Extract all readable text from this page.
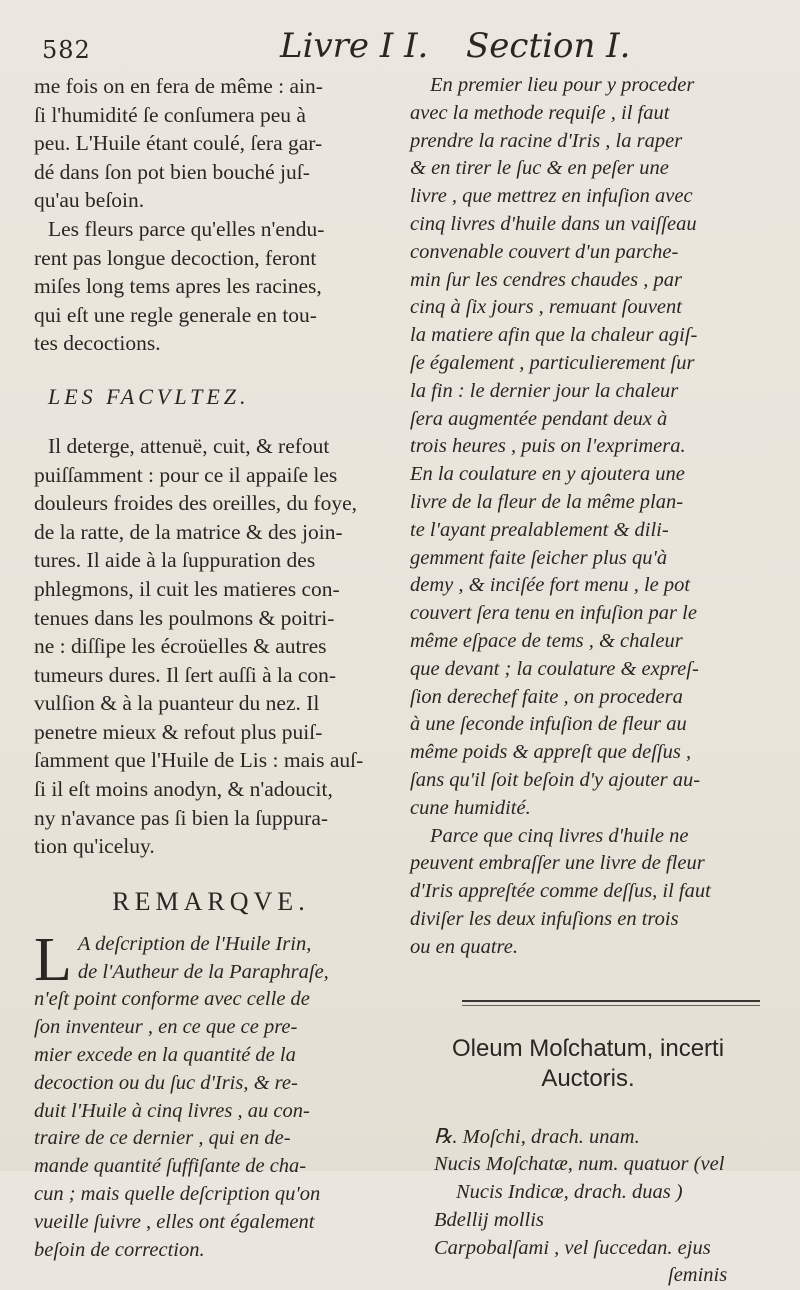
582	Livre I I. Section I.
me fois on en fera de même : ain-
ſi l'humidité ſe conſumera peu à
peu. L'Huile étant coulé, ſera gar-
dé dans ſon pot bien bouché juſ-
qu'au beſoin.
Les fleurs parce qu'elles n'endu-
rent pas longue decoction, feront
miſes long tems apres les racines,
qui eſt une regle generale en tou-
tes decoctions.
LES FACVLTEZ.
Il deterge, attenuë, cuit, & refout
puiſſamment : pour ce il appaiſe les
douleurs froides des oreilles, du foye,
de la ratte, de la matrice & des join-
tures. Il aide à la ſuppuration des
phlegmons, il cuit les matieres con-
tenues dans les poulmons & poitri-
ne : diſſipe les écroüelles & autres
tumeurs dures. Il ſert auſſi à la con-
vulſion & à la puanteur du nez. Il
penetre mieux & refout plus puiſ-
ſamment que l'Huile de Lis : mais auſ-
ſi il eſt moins anodyn, & n'adoucit,
ny n'avance pas ſi bien la ſuppura-
tion qu'iceluy.
REMARQVE.
L A deſcription de l'Huile Irin,
de l'Autheur de la Paraphraſe,
n'eſt point conforme avec celle de
ſon inventeur , en ce que ce pre-
mier excede en la quantité de la
decoction ou du ſuc d'Iris, & re-
duit l'Huile à cinq livres , au con-
traire de ce dernier , qui en de-
mande quantité ſuffiſante de cha-
cun ; mais quelle deſcription qu'on
vueille ſuivre , elles ont également
beſoin de correction.
En premier lieu pour y proceder
avec la methode requiſe , il faut
prendre la racine d'Iris , la raper
& en tirer le ſuc & en peſer une
livre , que mettrez en infuſion avec
cinq livres d'huile dans un vaiſſeau
convenable couvert d'un parche-
min ſur les cendres chaudes , par
cinq à ſix jours , remuant ſouvent
la matiere afin que la chaleur agiſ-
ſe également , particulierement ſur
la fin : le dernier jour la chaleur
ſera augmentée pendant deux à
trois heures , puis on l'exprimera.
En la coulature en y ajoutera une
livre de la fleur de la même plan-
te l'ayant prealablement & dili-
gemment faite ſeicher plus qu'à
demy , & inciſée fort menu , le pot
couvert ſera tenu en infuſion par le
même eſpace de tems , & chaleur
que devant ; la coulature & expreſ-
ſion derechef faite , on procedera
à une ſeconde infuſion de fleur au
même poids & appreſt que deſſus ,
ſans qu'il ſoit beſoin d'y ajouter au-
cune humidité.
Parce que cinq livres d'huile ne
peuvent embraſſer une livre de fleur
d'Iris appreſtée comme deſſus, il faut
diviſer les deux infuſions en trois
ou en quatre.
Oleum Moſchatum, incerti
Auctoris.
℞. Moſchi, drach. unam.
Nucis Moſchatæ, num. quatuor (vel
Nucis Indicæ, drach. duas )
Bdellij mollis
Carpobalſami , vel ſuccedan. ejus
ſeminis
